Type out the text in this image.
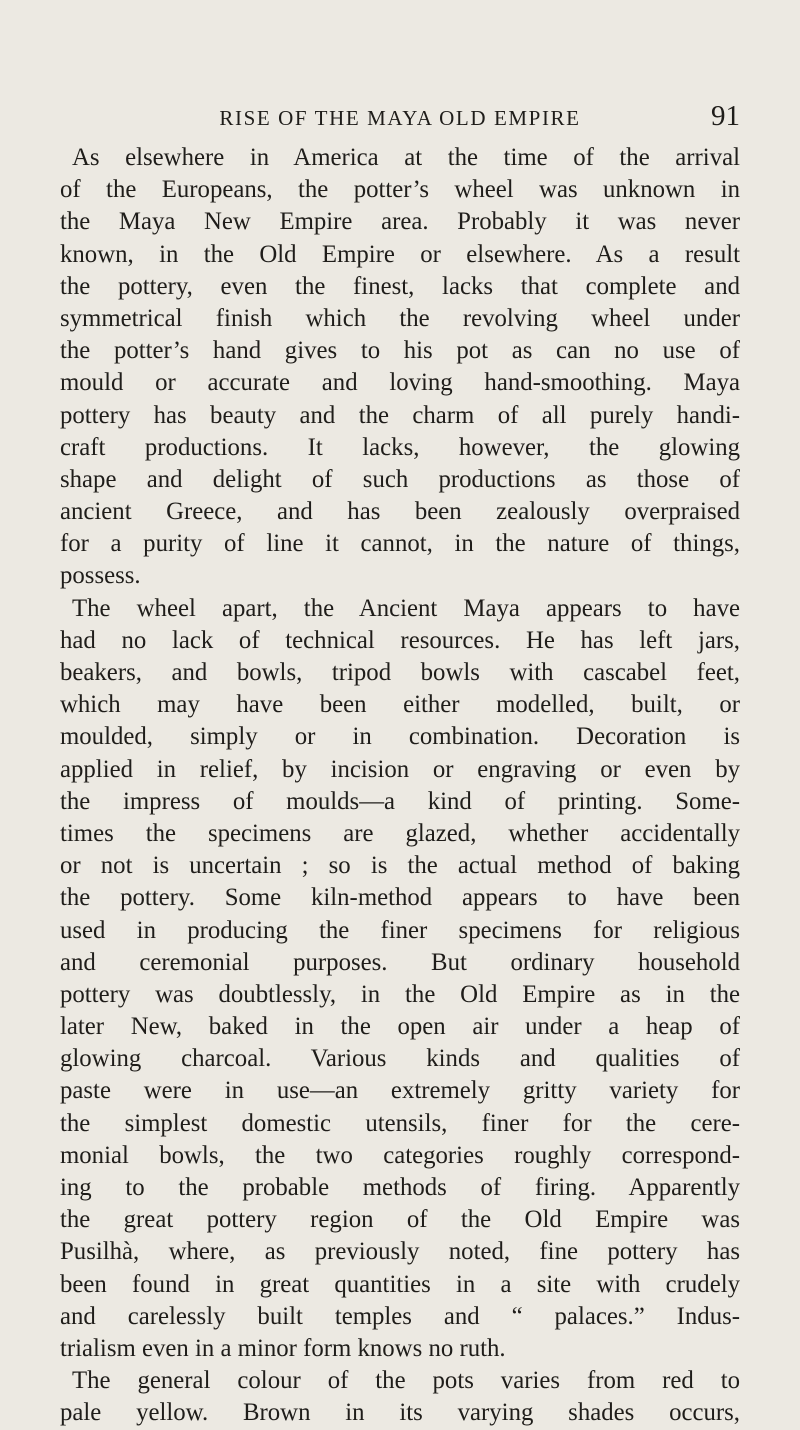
RISE OF THE MAYA OLD EMPIRE	91
As elsewhere in America at the time of the arrival
of the Europeans, the potter’s wheel was unknown in
the Maya New Empire area. Probably it was never
known, in the Old Empire or elsewhere. As a result
the pottery, even the finest, lacks that complete and
symmetrical finish which the revolving wheel under
the potter’s hand gives to his pot as can no use of
mould or accurate and loving hand-smoothing. Maya
pottery has beauty and the charm of all purely handi-
craft productions. It lacks, however, the glowing
shape and delight of such productions as those of
ancient Greece, and has been zealously overpraised
for a purity of line it cannot, in the nature of things,
possess.
The wheel apart, the Ancient Maya appears to have
had no lack of technical resources. He has left jars,
beakers, and bowls, tripod bowls with cascabel feet,
which may have been either modelled, built, or
moulded, simply or in combination. Decoration is
applied in relief, by incision or engraving or even by
the impress of moulds—a kind of printing. Some-
times the specimens are glazed, whether accidentally
or not is uncertain ; so is the actual method of baking
the pottery. Some kiln-method appears to have been
used in producing the finer specimens for religious
and ceremonial purposes. But ordinary household
pottery was doubtlessly, in the Old Empire as in the
later New, baked in the open air under a heap of
glowing charcoal. Various kinds and qualities of
paste were in use—an extremely gritty variety for
the simplest domestic utensils, finer for the cere-
monial bowls, the two categories roughly correspond-
ing to the probable methods of firing. Apparently
the great pottery region of the Old Empire was
Pusilhà, where, as previously noted, fine pottery has
been found in great quantities in a site with crudely
and carelessly built temples and “ palaces.” Indus-
trialism even in a minor form knows no ruth.
The general colour of the pots varies from red to
pale yellow. Brown in its varying shades occurs,
